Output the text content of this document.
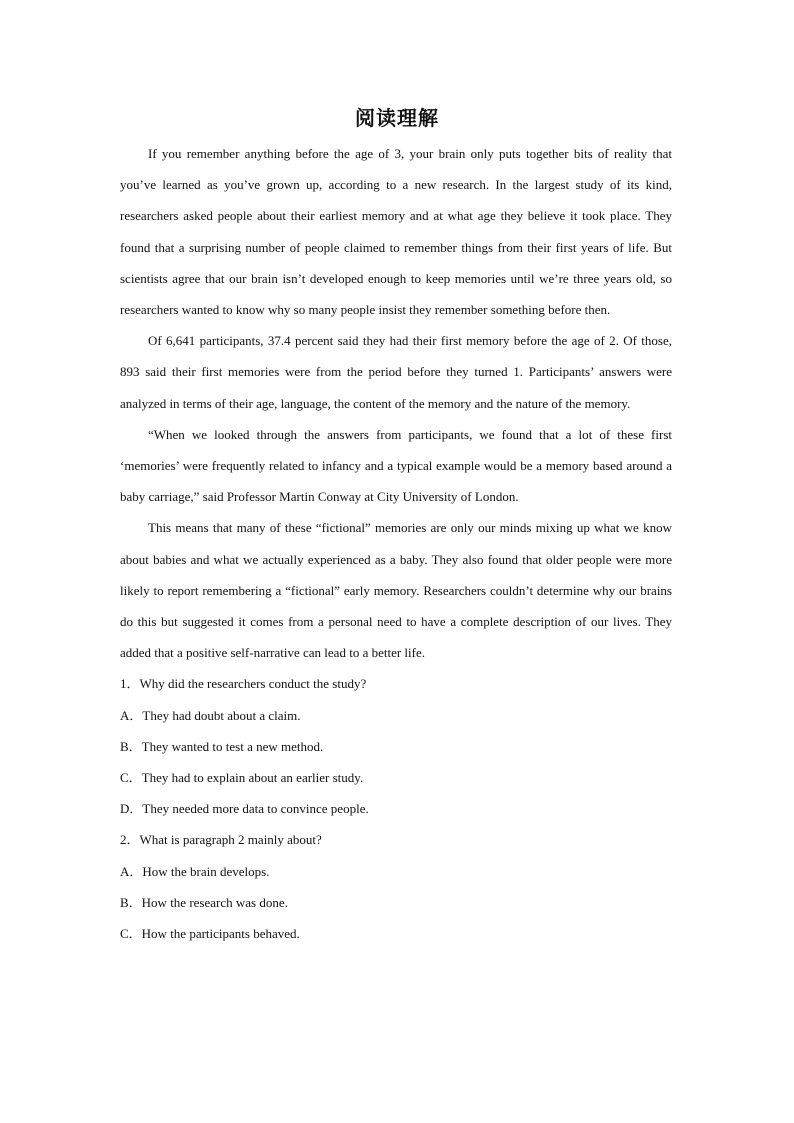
阅读理解

If you remember anything before the age of 3, your brain only puts together bits of reality that you’ve learned as you’ve grown up, according to a new research. In the largest study of its kind, researchers asked people about their earliest memory and at what age they believe it took place. They found that a surprising number of people claimed to remember things from their first years of life. But scientists agree that our brain isn’t developed enough to keep memories until we’re three years old, so researchers wanted to know why so many people insist they remember something before then.

Of 6,641 participants, 37.4 percent said they had their first memory before the age of 2. Of those, 893 said their first memories were from the period before they turned 1. Participants’ answers were analyzed in terms of their age, language, the content of the memory and the nature of the memory.

“When we looked through the answers from participants, we found that a lot of these first ‘memories’ were frequently related to infancy and a typical example would be a memory based around a baby carriage,” said Professor Martin Conway at City University of London.

This means that many of these “fictional” memories are only our minds mixing up what we know about babies and what we actually experienced as a baby. They also found that older people were more likely to report remembering a “fictional” early memory. Researchers couldn’t determine why our brains do this but suggested it comes from a personal need to have a complete description of our lives. They added that a positive self-narrative can lead to a better life.

1．Why did the researchers conduct the study?

A．They had doubt about a claim.

B．They wanted to test a new method.

C．They had to explain about an earlier study.

D．They needed more data to convince people.

2．What is paragraph 2 mainly about?

A．How the brain develops.

B．How the research was done.

C．How the participants behaved.
